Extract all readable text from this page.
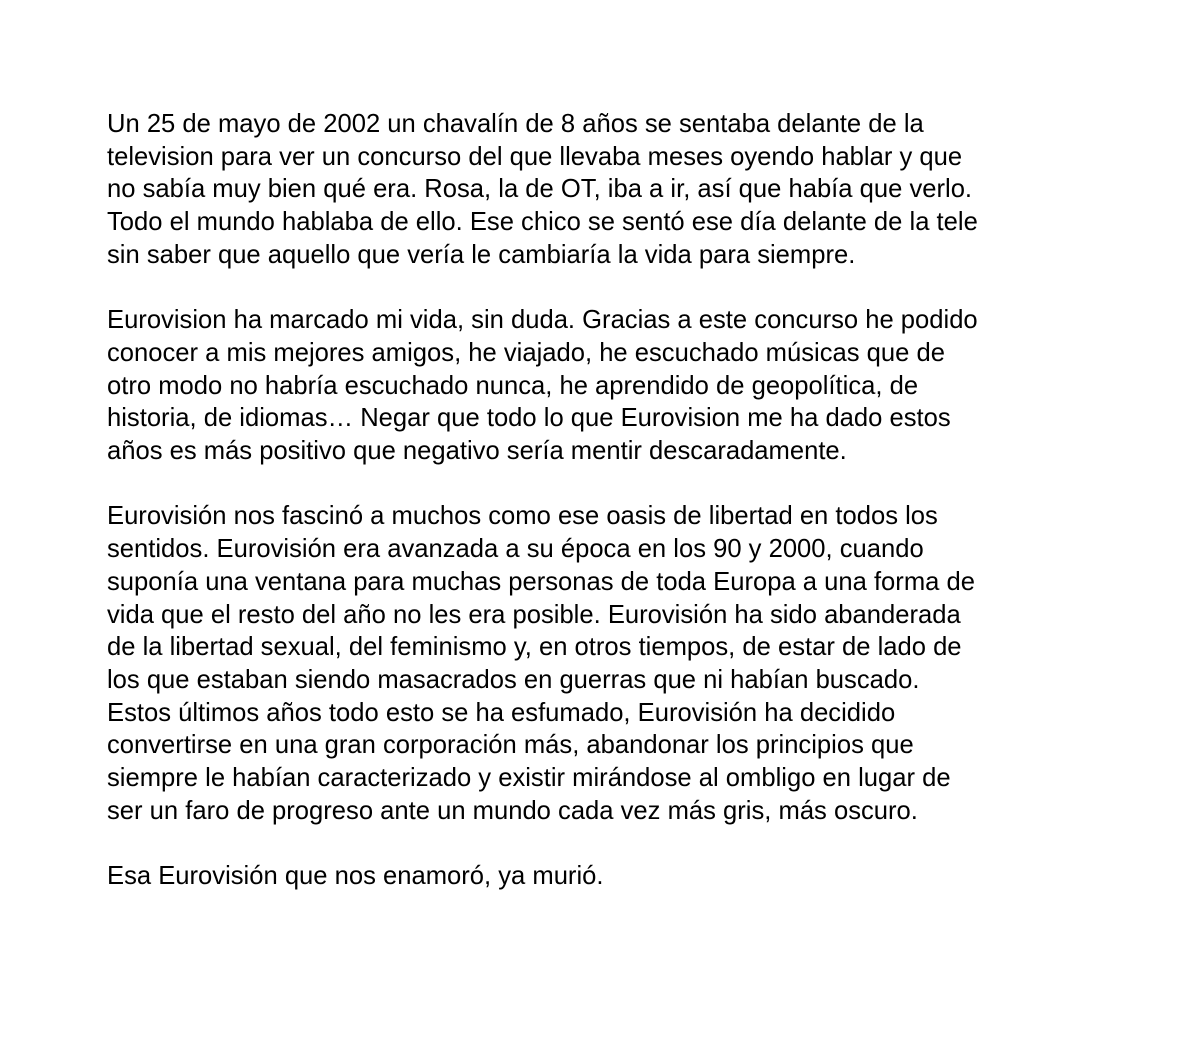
Un 25 de mayo de 2002 un chavalín de 8 años se sentaba delante de la
television para ver un concurso del que llevaba meses oyendo hablar y que
no sabía muy bien qué era. Rosa, la de OT, iba a ir, así que había que verlo.
Todo el mundo hablaba de ello. Ese chico se sentó ese día delante de la tele
sin saber que aquello que vería le cambiaría la vida para siempre.

Eurovision ha marcado mi vida, sin duda. Gracias a este concurso he podido
conocer a mis mejores amigos, he viajado, he escuchado músicas que de
otro modo no habría escuchado nunca, he aprendido de geopolítica, de
historia, de idiomas… Negar que todo lo que Eurovision me ha dado estos
años es más positivo que negativo sería mentir descaradamente.

Eurovisión nos fascinó a muchos como ese oasis de libertad en todos los
sentidos. Eurovisión era avanzada a su época en los 90 y 2000, cuando
suponía una ventana para muchas personas de toda Europa a una forma de
vida que el resto del año no les era posible. Eurovisión ha sido abanderada
de la libertad sexual, del feminismo y, en otros tiempos, de estar de lado de
los que estaban siendo masacrados en guerras que ni habían buscado.
Estos últimos años todo esto se ha esfumado, Eurovisión ha decidido
convertirse en una gran corporación más, abandonar los principios que
siempre le habían caracterizado y existir mirándose al ombligo en lugar de
ser un faro de progreso ante un mundo cada vez más gris, más oscuro.

Esa Eurovisión que nos enamoró, ya murió.
